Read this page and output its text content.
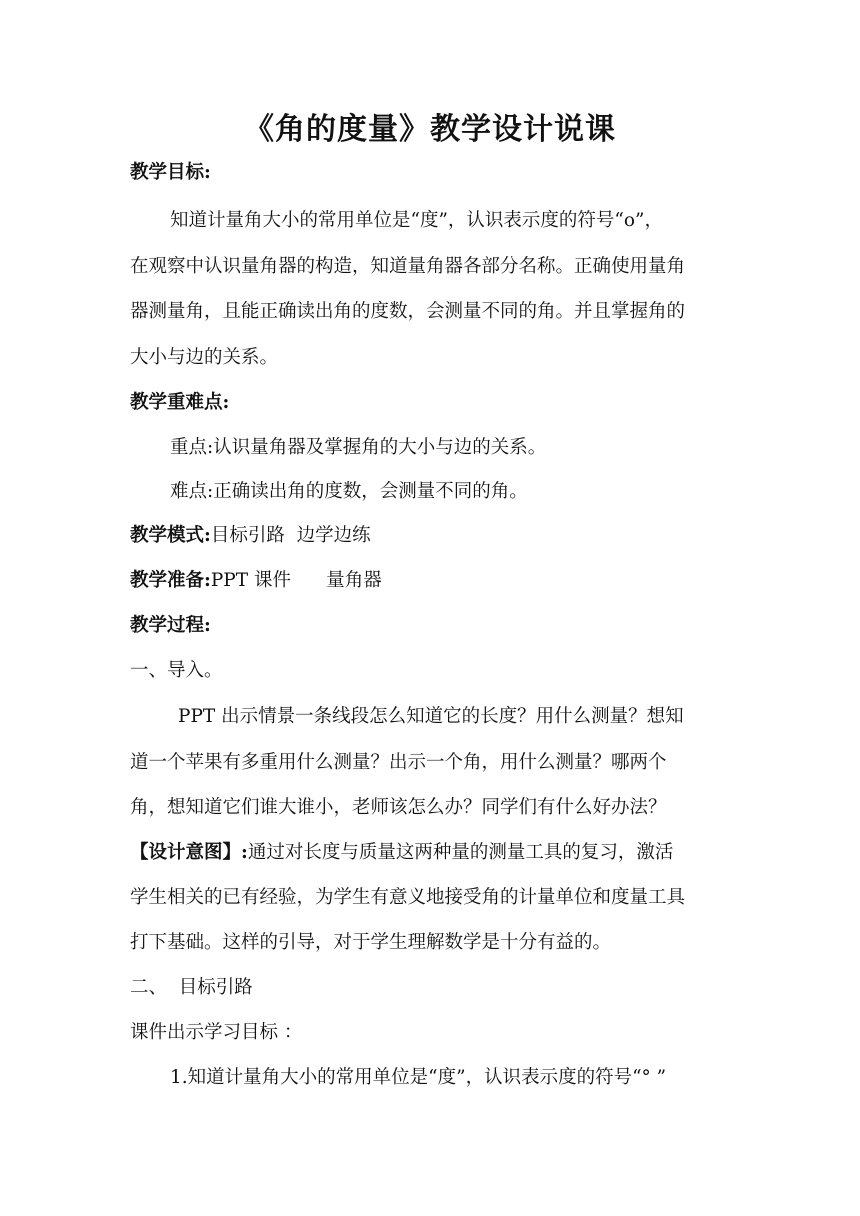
《角的度量》教学设计说课
教学目标:
知道计量角大小的常用单位是“度”，认识表示度的符号“o”，
在观察中认识量角器的构造，知道量角器各部分名称。正确使用量角
器测量角，且能正确读出角的度数，会测量不同的角。并且掌握角的
大小与边的关系。
教学重难点:
重点:认识量角器及掌握角的大小与边的关系。
难点:正确读出角的度数，会测量不同的角。
教学模式:目标引路  边学边练
教学准备:PPT 课件      量角器
教学过程:
一、导入。
PPT 出示情景一条线段怎么知道它的长度？用什么测量？想知
道一个苹果有多重用什么测量？出示一个角，用什么测量？哪两个
角，想知道它们谁大谁小，老师该怎么办？同学们有什么好办法？
【设计意图】:通过对长度与质量这两种量的测量工具的复习，激活
学生相关的已有经验，为学生有意义地接受角的计量单位和度量工具
打下基础。这样的引导，对于学生理解数学是十分有益的。
二、  目标引路
课件出示学习目标 ：
1.知道计量角大小的常用单位是“度”，认识表示度的符号“° ”
